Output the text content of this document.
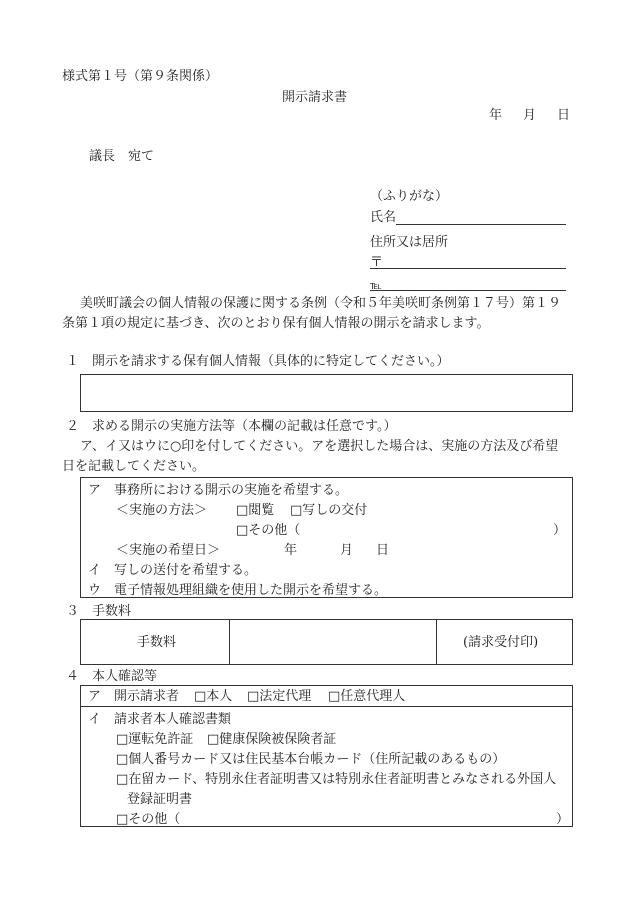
様式第１号（第９条関係）
開示請求書
年 月 日
議長　宛て
（ふりがな）
氏名
住所又は居所
〒
℡
美咲町議会の個人情報の保護に関する条例（令和５年美咲町条例第１７号）第１９
条第１項の規定に基づき、次のとおり保有個人情報の開示を請求します。
１　開示を請求する保有個人情報（具体的に特定してください。）
２　求める開示の実施方法等（本欄の記載は任意です。）
ア、イ又はウに○印を付してください。アを選択した場合は、実施の方法及び希望
日を記載してください。
ア　事務所における開示の実施を希望する。
＜実施の方法＞ □閲覧 □写しの交付
□その他（	）
＜実施の希望日＞	年	月 日
イ　写しの送付を希望する。
ウ　電子情報処理組織を使用した開示を希望する。
３　手数料
手数料	(請求受付印)
４　本人確認等
ア　開示請求者 □本人 □法定代理 □任意代理人
イ　請求者本人確認書類
□運転免許証 □健康保険被保険者証
□個人番号カード又は住民基本台帳カード（住所記載のあるもの）
□在留カード、特別永住者証明書又は特別永住者証明書とみなされる外国人
登録証明書
□その他（	）
